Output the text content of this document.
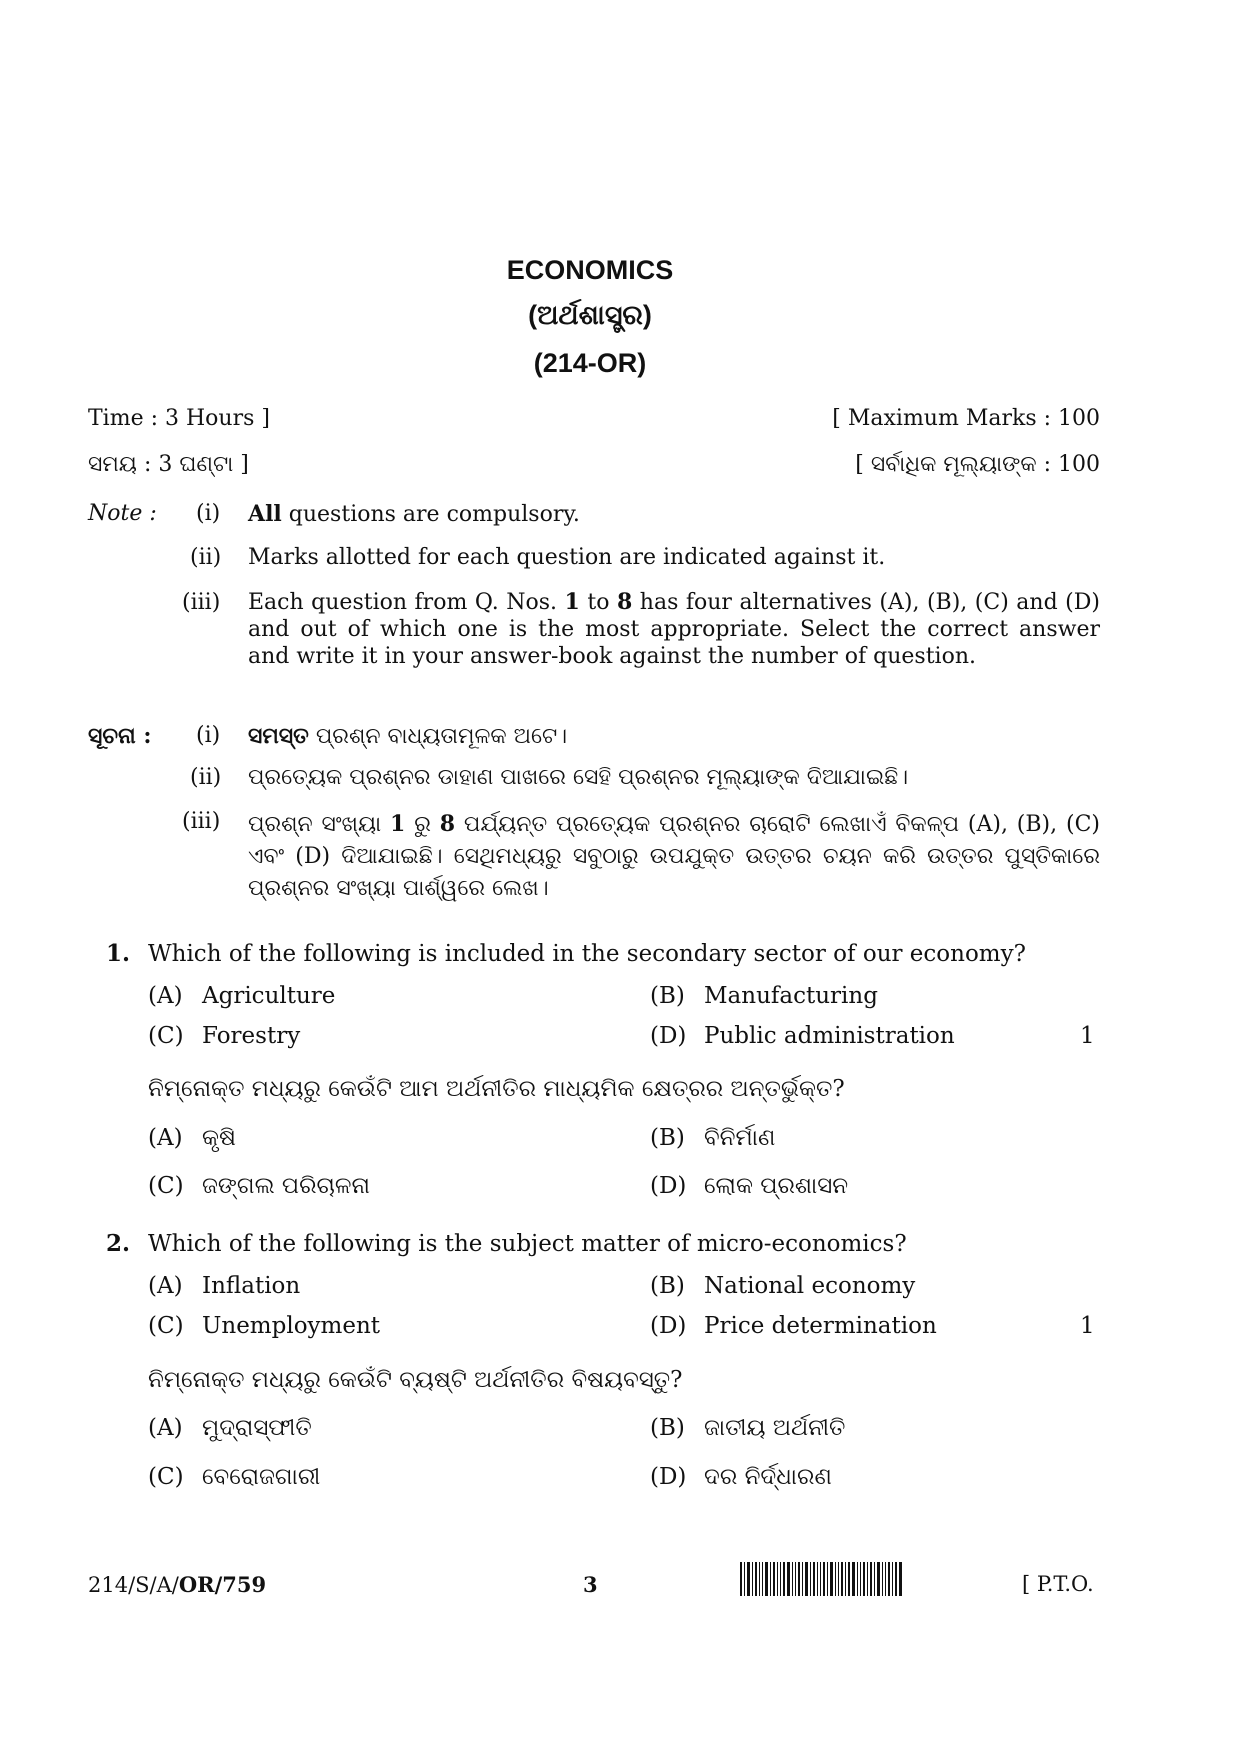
ECONOMICS
(ଅର୍ଥଶାସ୍ତ୍ର)
(214-OR)
Time : 3 Hours ]	[ Maximum Marks : 100
ସମୟ : 3 ଘଣ୍ଟା ]	[ ସର୍ବାଧିକ ମୂଲ୍ୟାଙ୍କ : 100
Note : (i) All questions are compulsory.
(ii) Marks allotted for each question are indicated against it.
(iii) Each question from Q. Nos. 1 to 8 has four alternatives (A), (B), (C) and (D) and out of which one is the most appropriate. Select the correct answer and write it in your answer-book against the number of question.
ସୂଚନା : (i) ସମସ୍ତ ପ୍ରଶ୍ନ ବାଧ୍ୟତାମୂଳକ ଅଟେ।
(ii) ପ୍ରତ୍ୟେକ ପ୍ରଶ୍ନର ଡାହାଣ ପାଖରେ ସେହି ପ୍ରଶ୍ନର ମୂଲ୍ୟାଙ୍କ ଦିଆଯାଇଛି।
(iii) ପ୍ରଶ୍ନ ସଂଖ୍ୟା 1 ରୁ 8 ପର୍ଯ୍ୟନ୍ତ ପ୍ରତ୍ୟେକ ପ୍ରଶ୍ନର ଚାରୋଟି ଲେଖାଏଁ ବିକଳ୍ପ (A), (B), (C) ଏବଂ (D) ଦିଆଯାଇଛି। ସେଥିମଧ୍ୟରୁ ସବୁଠାରୁ ଉପଯୁକ୍ତ ଉତ୍ତର ଚୟନ କରି ଉତ୍ତର ପୁସ୍ତିକାରେ ପ୍ରଶ୍ନର ସଂଖ୍ୟା ପାର୍ଶ୍ୱରେ ଲେଖ।
1. Which of the following is included in the secondary sector of our economy?
(A) Agriculture	(B) Manufacturing
(C) Forestry	(D) Public administration	1
ନିମ୍ନୋକ୍ତ ମଧ୍ୟରୁ କେଉଁଟି ଆମ ଅର୍ଥନୀତିର ମାଧ୍ୟମିକ କ୍ଷେତ୍ରର ଅନ୍ତର୍ଭୁକ୍ତ?
(A) କୃଷି	(B) ବିନିର୍ମାଣ
(C) ଜଙ୍ଗଲ ପରିଚାଳନା	(D) ଲୋକ ପ୍ରଶାସନ
2. Which of the following is the subject matter of micro-economics?
(A) Inflation	(B) National economy
(C) Unemployment	(D) Price determination	1
ନିମ୍ନୋକ୍ତ ମଧ୍ୟରୁ କେଉଁଟି ବ୍ୟଷ୍ଟି ଅର୍ଥନୀତିର ବିଷୟବସ୍ତୁ?
(A) ମୁଦ୍ରାସ୍ଫୀତି	(B) ଜାତୀୟ ଅର୍ଥନୀତି
(C) ବେରୋଜଗାରୀ	(D) ଦର ନିର୍ଦ୍ଧାରଣ
214/S/A/OR/759	3	[ P.T.O.
